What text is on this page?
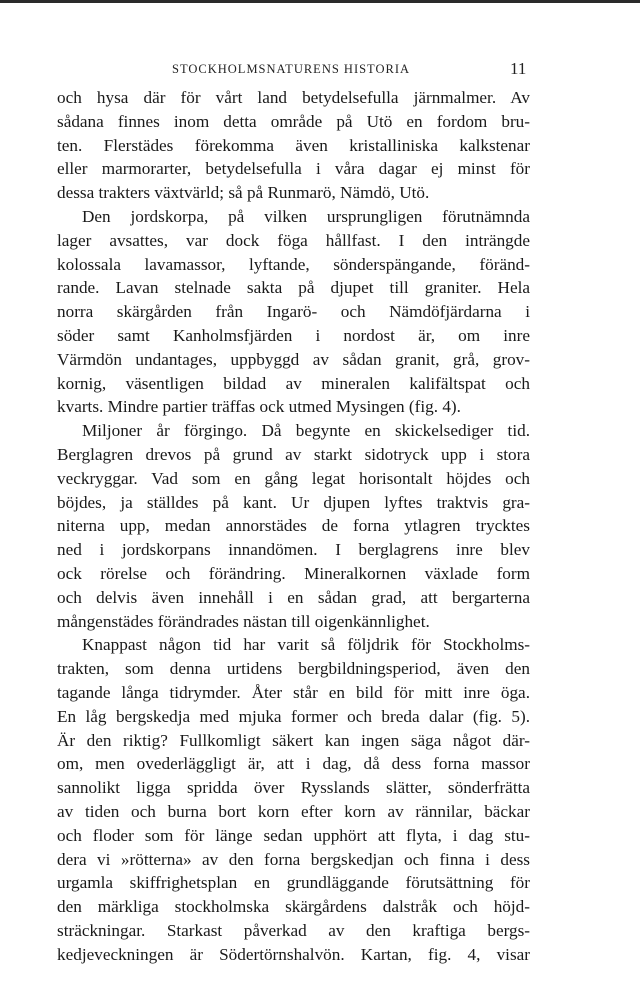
STOCKHOLMSNATURENS HISTORIA	11
och hysa där för vårt land betydelsefulla järnmalmer. Av
sådana finnes inom detta område på Utö en fordom bru-
ten. Flerstädes förekomma även kristalliniska kalkstenar
eller marmorarter, betydelsefulla i våra dagar ej minst för
dessa trakters växtvärld; så på Runmarö, Nämdö, Utö.
Den jordskorpa, på vilken ursprungligen förutnämnda
lager avsattes, var dock föga hållfast. I den inträngde
kolossala lavamassor, lyftande, sönderspängande, föränd-
rande. Lavan stelnade sakta på djupet till graniter. Hela
norra skärgården från Ingarö- och Nämdöfjärdarna i
söder samt Kanholmsfjärden i nordost är, om inre
Värmdön undantages, uppbyggd av sådan granit, grå, grov-
kornig, väsentligen bildad av mineralen kalifältspat och
kvarts. Mindre partier träffas ock utmed Mysingen (fig. 4).
Miljoner år förgingo. Då begynte en skickelsediger tid.
Berglagren drevos på grund av starkt sidotryck upp i stora
veckryggar. Vad som en gång legat horisontalt höjdes och
böjdes, ja ställdes på kant. Ur djupen lyftes traktvis gra-
niterna upp, medan annorstädes de forna ytlagren trycktes
ned i jordskorpans innandömen. I berglagrens inre blev
ock rörelse och förändring. Mineralkornen växlade form
och delvis även innehåll i en sådan grad, att bergarterna
mångenstädes förändrades nästan till oigenkännlighet.
Knappast någon tid har varit så följdrik för Stockholms-
trakten, som denna urtidens bergbildningsperiod, även den
tagande långa tidrymder. Åter står en bild för mitt inre öga.
En låg bergskedja med mjuka former och breda dalar (fig. 5).
Är den riktig? Fullkomligt säkert kan ingen säga något där-
om, men ovederläggligt är, att i dag, då dess forna massor
sannolikt ligga spridda över Rysslands slätter, sönderfrätta
av tiden och burna bort korn efter korn av rännilar, bäckar
och floder som för länge sedan upphört att flyta, i dag stu-
dera vi »rötterna» av den forna bergskedjan och finna i dess
urgamla skiffrighetsplan en grundläggande förutsättning för
den märkliga stockholmska skärgårdens dalstråk och höjd-
sträckningar. Starkast påverkad av den kraftiga bergs-
kedjeveckningen är Södertörnshalvön. Kartan, fig. 4, visar
